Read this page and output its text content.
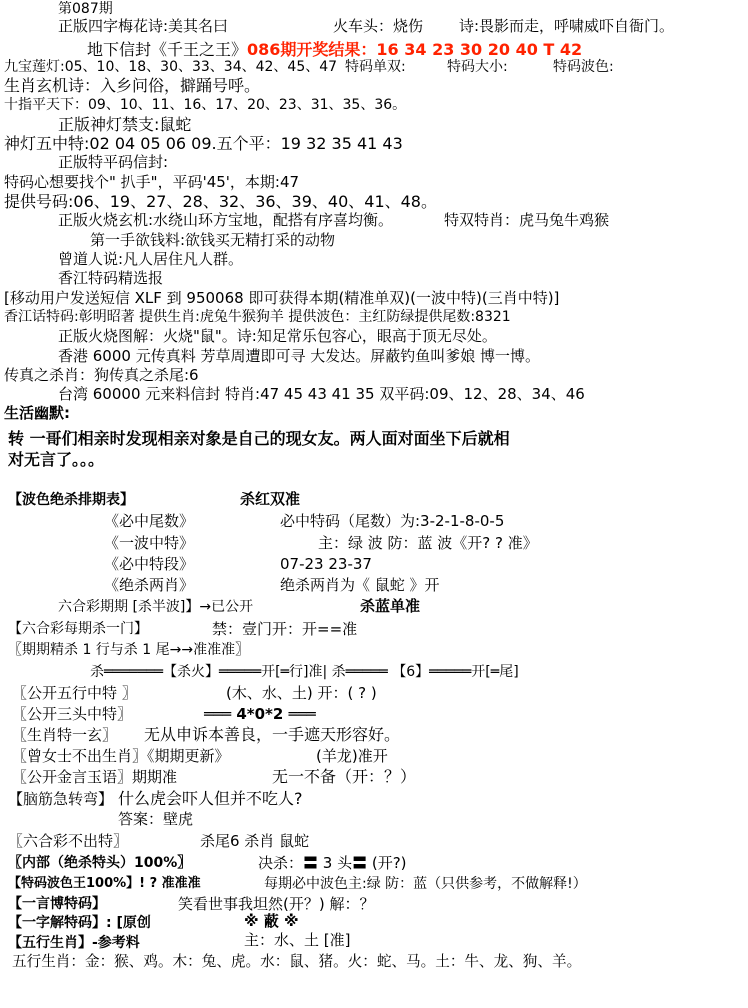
第087期
正版四字梅花诗:美其名曰	火车头：烧伤 诗:畏影而走，呼啸威吓自衙门。
地下信封《千王之王》086期开奖结果：16 34 23 30 20 40 T 42
九宝莲灯:05、10、18、30、33、34、42、45、47 特码单双:	特码大小:	特码波色:
生肖玄机诗：入乡问俗，擗踊号呼。
十指平天下：09、10、11、16、17、20、23、31、35、36。
正版神灯禁支:鼠蛇
神灯五中特:02 04 05 06 09.五个平：19 32 35 41 43
正版特平码信封:
特码心想要找个" 扒手"，平码'45'，本期:47
提供号码:06、19、27、28、32、36、39、40、41、48。
正版火烧玄机:水绕山环方宝地，配搭有序喜均衡。	特双特肖：虎马兔牛鸡猴
第一手欲钱料:欲钱买无精打采的动物
曾道人说:凡人居住凡人群。
香江特码精选报
[移动用户发送短信 XLF 到 950068 即可获得本期(精准单双)(一波中特)(三肖中特)]
香江话特码:彰明昭著 提供生肖:虎兔牛猴狗羊 提供波色：主红防绿提供尾数:8321
正版火烧图解：火烧"鼠"。诗:知足常乐包容心，眼高于顶无尽处。
香港 6000 元传真料 芳草周遭即可寻 大发达。屏蔽钓鱼叫爹娘 博一博。
传真之杀肖：狗传真之杀尾:6
台湾 60000 元来料信封 特肖:47 45 43 41 35 双平码:09、12、28、34、46
生活幽默:
转 一哥们相亲时发现相亲对象是自己的现女友。两人面对面坐下后就相
对无言了。。。
【波色绝杀排期表】	杀红双准
《必中尾数》	必中特码（尾数）为:3-2-1-8-0-5
《一波中特》	主：绿 波 防：蓝 波《开? ? 准》
《必中特段》	07-23 23-37
《绝杀两肖》	绝杀两肖为《 鼠蛇 》开
六合彩期期 [杀半波]】→已公开	杀蓝单准
【六合彩每期杀一门】	禁：壹门开：开==准
〖期期精杀 1 行与杀 1 尾→→准准准〗
杀═══════【杀火】═════开[═行]准| 杀═════ 【6】═════开[═尾]
〖公开五行中特 〗	(木、水、土) 开：( ? )
〖公开三头中特〗	═══ 4*0*2 ═══
〖生肖特一玄〗 无从申诉本善良，一手遮天形容好。
〖曾女士不出生肖〗《期期更新》	(羊龙)准开
〖公开金言玉语〗期期准	无一不备（开：？）
【脑筋急转弯】 什么虎会吓人但并不吃人?
答案：壁虎
〖六合彩不出特〗	杀尾6 杀肖 鼠蛇
〖内部（绝杀特头）100%〗	决杀：〓 3 头〓 (开?)
【特码波色王100%】! ? 准准准	每期必中波色主:绿 防：蓝（只供参考，不做解释!）
【一言博特码】	笑看世事我坦然(开？) 解：？
【一字解特码】: [原创	※ 蔽 ※
【五行生肖】-参考料	主：水、土 [准]
五行生肖：金：猴、鸡。木：兔、虎。水：鼠、猪。火：蛇、马。土：牛、龙、狗、羊。
